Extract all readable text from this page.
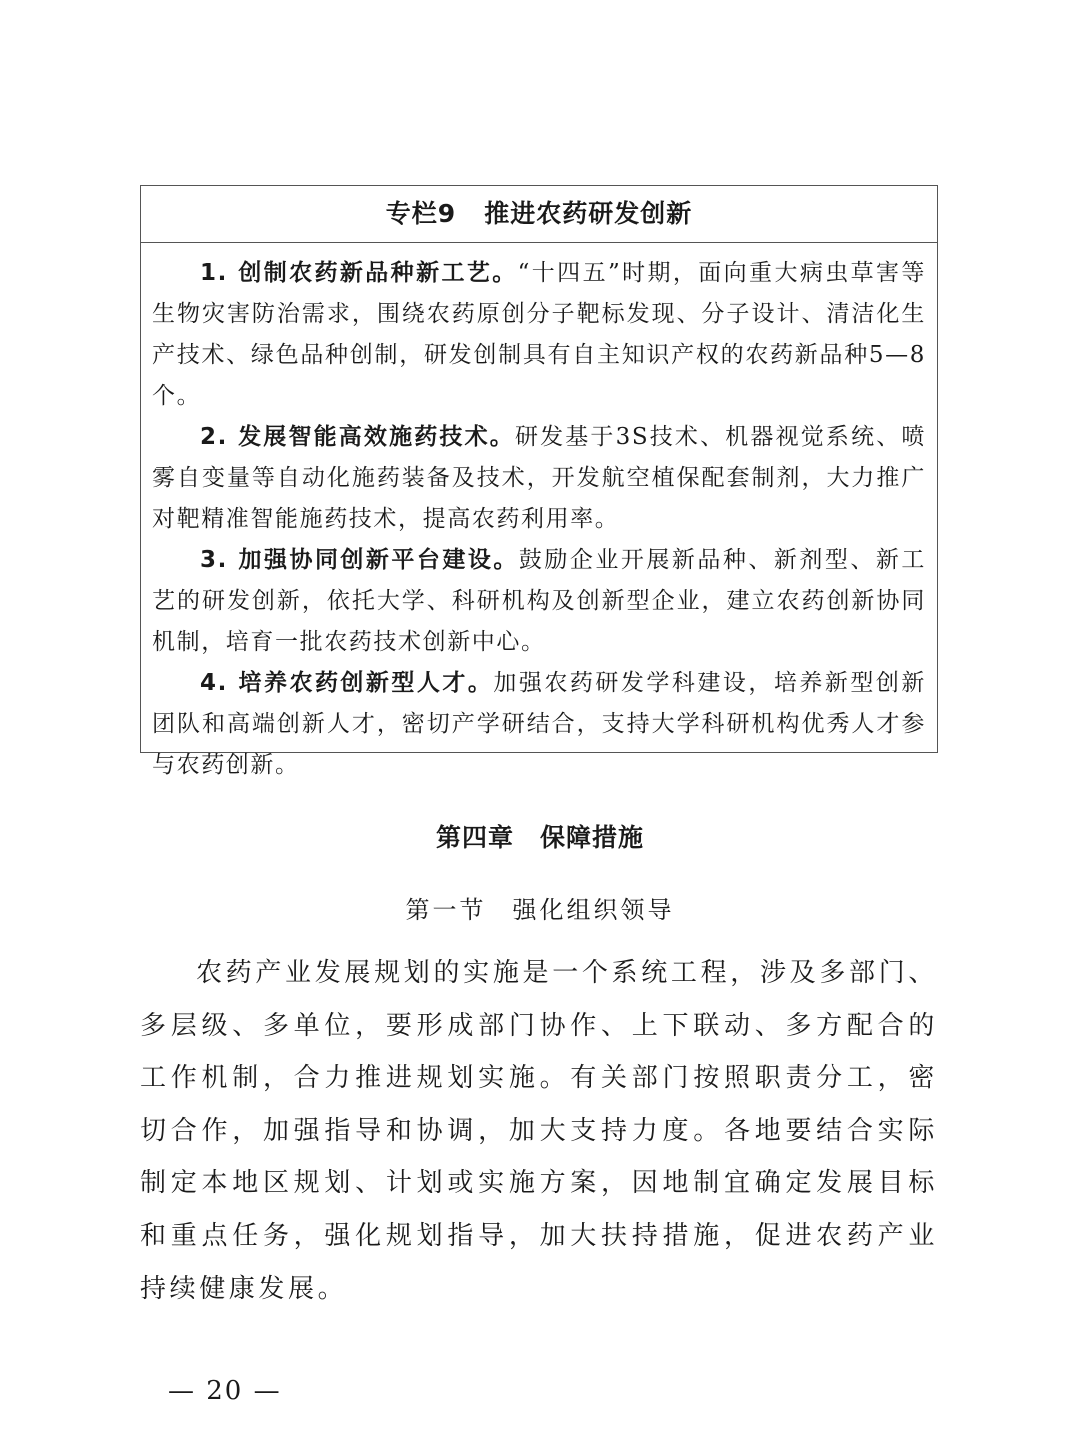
专栏9 推进农药研发创新

1. 创制农药新品种新工艺。“十四五”时期，面向重大病虫草害等生物灾害防治需求，围绕农药原创分子靶标发现、分子设计、清洁化生产技术、绿色品种创制，研发创制具有自主知识产权的农药新品种5—8个。

2. 发展智能高效施药技术。研发基于3S技术、机器视觉系统、喷雾自变量等自动化施药装备及技术，开发航空植保配套制剂，大力推广对靶精准智能施药技术，提高农药利用率。

3. 加强协同创新平台建设。鼓励企业开展新品种、新剂型、新工艺的研发创新，依托大学、科研机构及创新型企业，建立农药创新协同机制，培育一批农药技术创新中心。

4. 培养农药创新型人才。加强农药研发学科建设，培养新型创新团队和高端创新人才，密切产学研结合，支持大学科研机构优秀人才参与农药创新。

第四章 保障措施
第一节 强化组织领导

农药产业发展规划的实施是一个系统工程，涉及多部门、多层级、多单位，要形成部门协作、上下联动、多方配合的工作机制，合力推进规划实施。有关部门按照职责分工，密切合作，加强指导和协调，加大支持力度。各地要结合实际制定本地区规划、计划或实施方案，因地制宜确定发展目标和重点任务，强化规划指导，加大扶持措施，促进农药产业持续健康发展。

— 20 —
